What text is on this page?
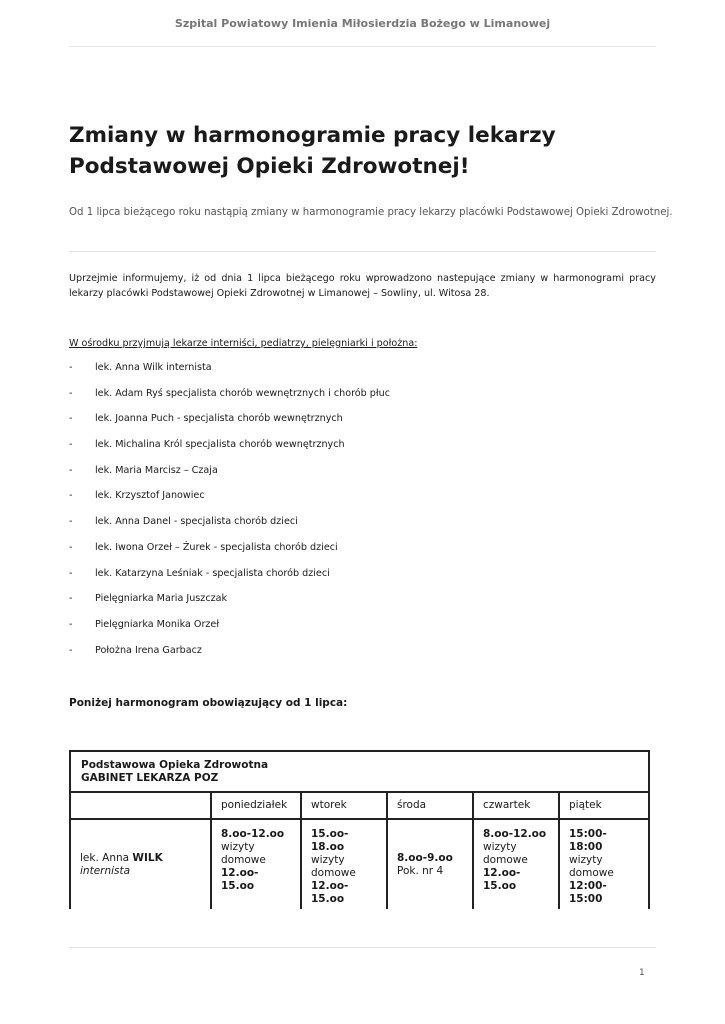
Szpital Powiatowy Imienia Miłosierdzia Bożego w Limanowej
Zmiany w harmonogramie pracy lekarzy
Podstawowej Opieki Zdrowotnej!

Od 1 lipca bieżącego roku nastąpią zmiany w harmonogramie pracy lekarzy placówki Podstawowej Opieki Zdrowotnej.

Uprzejmie informujemy, iż od dnia 1 lipca bieżącego roku wprowadzono nastepujące zmiany w harmonogrami pracy lekarzy placówki Podstawowej Opieki Zdrowotnej w Limanowej – Sowliny, ul. Witosa 28.

W ośrodku przyjmują lekarze interniści, pediatrzy, pielęgniarki i położna:

-	lek. Anna Wilk internista
-	lek. Adam Ryś specjalista chorób wewnętrznych i chorób płuc
-	lek. Joanna Puch - specjalista chorób wewnętrznych
-	lek. Michalina Król specjalista chorób wewnętrznych
-	lek. Maria Marcisz – Czaja
-	lek. Krzysztof Janowiec
-	lek. Anna Danel - specjalista chorób dzieci
-	lek. Iwona Orzeł – Żurek - specjalista chorób dzieci
-	lek. Katarzyna Leśniak - specjalista chorób dzieci
-	Pielęgniarka Maria Juszczak
-	Pielęgniarka Monika Orzeł
-	Położna Irena Garbacz

Poniżej harmonogram obowiązujący od 1 lipca:

Podstawowa Opieka Zdrowotna
GABINET LEKARZA POZ					
	poniedziałek	wtorek	środa	czwartek	piątek
lek. Anna WILK
internista	8.oo-12.oo
wizyty
domowe
12.oo-15.oo	15.oo-18.oo
wizyty
domowe
12.oo-15.oo	8.oo-9.oo
Pok. nr 4	8.oo-12.oo
wizyty
domowe
12.oo-15.oo	15:00-18:00
wizyty
domowe
12:00-15:00
1
